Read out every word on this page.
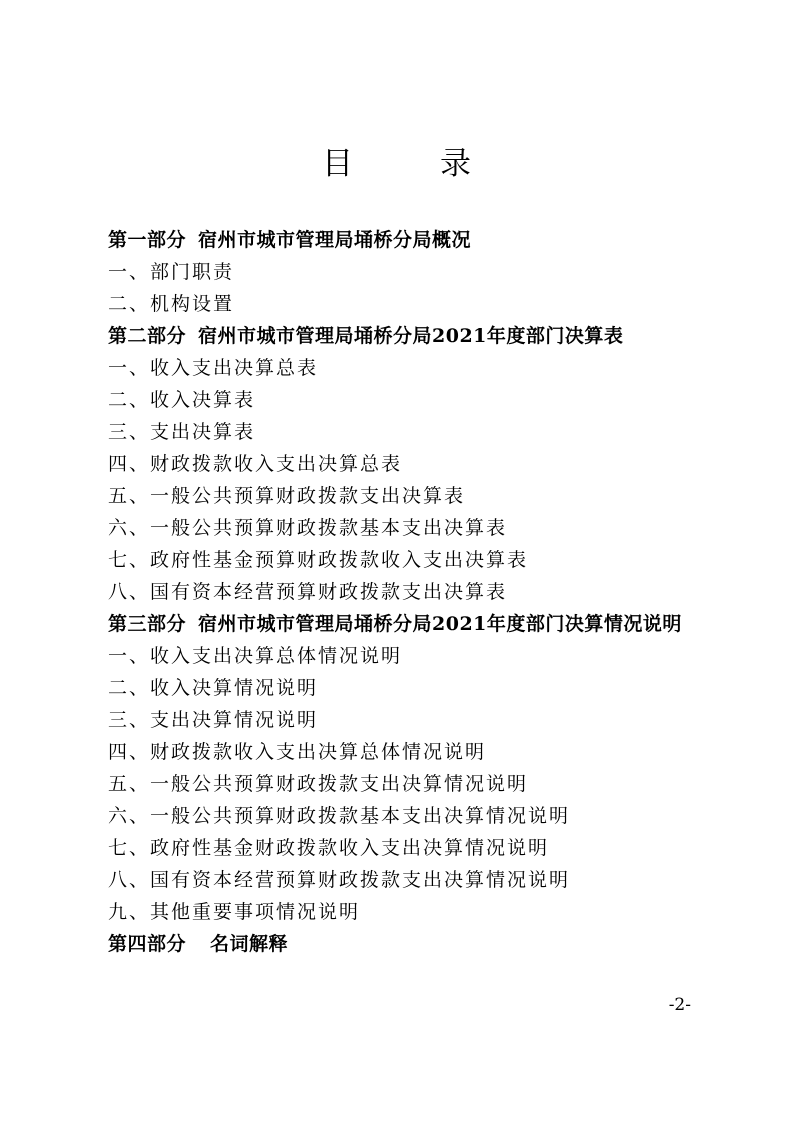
目　录
第一部分 宿州市城市管理局埇桥分局概况
一、部门职责
二、机构设置
第二部分 宿州市城市管理局埇桥分局2021年度部门决算表
一、收入支出决算总表
二、收入决算表
三、支出决算表
四、财政拨款收入支出决算总表
五、一般公共预算财政拨款支出决算表
六、一般公共预算财政拨款基本支出决算表
七、政府性基金预算财政拨款收入支出决算表
八、国有资本经营预算财政拨款支出决算表
第三部分 宿州市城市管理局埇桥分局2021年度部门决算情况说明
一、收入支出决算总体情况说明
二、收入决算情况说明
三、支出决算情况说明
四、财政拨款收入支出决算总体情况说明
五、一般公共预算财政拨款支出决算情况说明
六、一般公共预算财政拨款基本支出决算情况说明
七、政府性基金财政拨款收入支出决算情况说明
八、国有资本经营预算财政拨款支出决算情况说明
九、其他重要事项情况说明
第四部分 名词解释
-2-
